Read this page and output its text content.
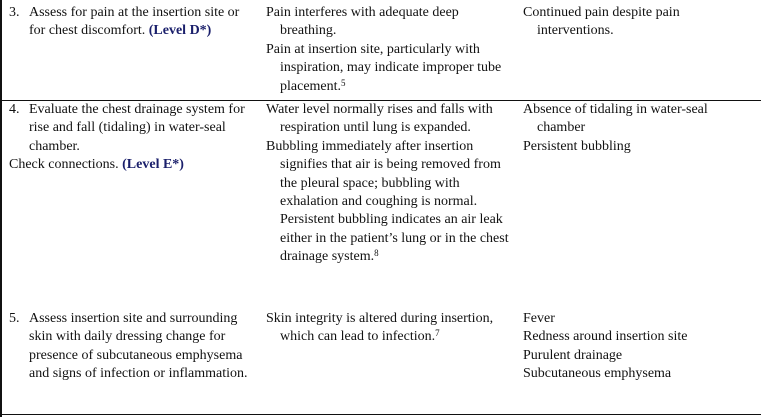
3. Assess for pain at the insertion site or for chest discomfort. (Level D*)

Pain interferes with adequate deep breathing.

Pain at insertion site, particularly with inspiration, may indicate improper tube placement.$^5$

Continued pain despite pain interventions.

4. Evaluate the chest drainage system for rise and fall (tidaling) in water-seal chamber.

Check connections. (Level E*)

Water level normally rises and falls with respiration until lung is expanded.

Bubbling immediately after insertion signifies that air is being removed from the pleural space; bubbling with exhalation and coughing is normal. Persistent bubbling indicates an air leak either in the patient’s lung or in the chest drainage system.$^8$

Absence of tidaling in water-seal chamber

Persistent bubbling

5. Assess insertion site and surrounding skin with daily dressing change for presence of subcutaneous emphysema and signs of infection or inflammation.

Skin integrity is altered during insertion, which can lead to infection.$^7$

Fever

Redness around insertion site

Purulent drainage

Subcutaneous emphysema
